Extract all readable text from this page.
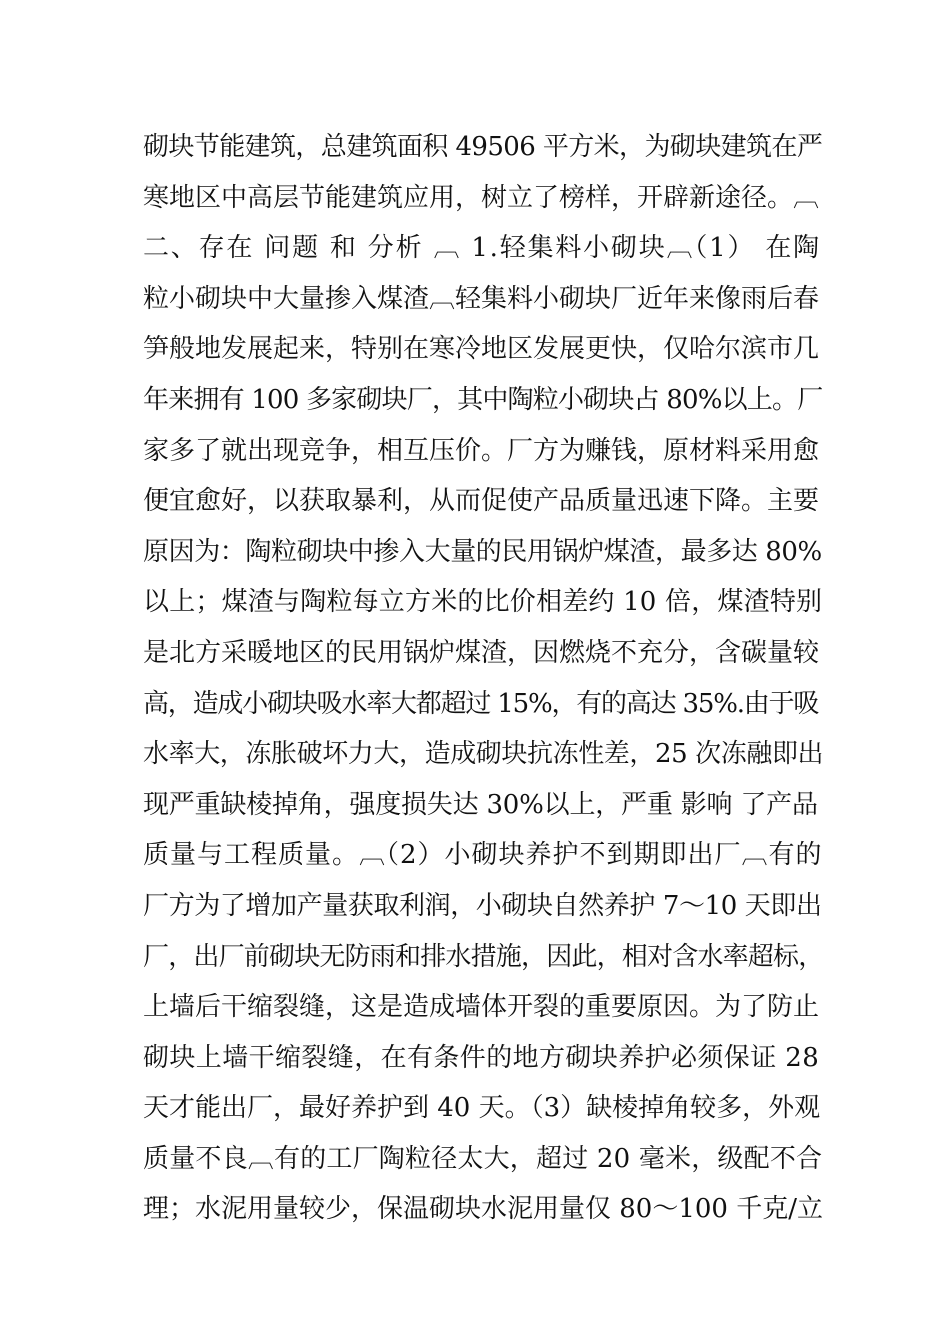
砌块节能建筑，总建筑面积 49506 平方米，为砌块建筑在严
寒地区中高层节能建筑应用，树立了榜样，开辟新途径。︹
二、存在 问题 和 分析 ︹ 1.轻集料小砌块︹（1） 在陶
粒小砌块中大量掺入煤渣︹轻集料小砌块厂近年来像雨后春
笋般地发展起来，特别在寒冷地区发展更快，仅哈尔滨市几
年来拥有 100 多家砌块厂，其中陶粒小砌块占 80%以上。厂
家多了就出现竞争，相互压价。厂方为赚钱，原材料采用愈
便宜愈好，以获取暴利，从而促使产品质量迅速下降。主要
原因为：陶粒砌块中掺入大量的民用锅炉煤渣，最多达 80%
以上；煤渣与陶粒每立方米的比价相差约 10 倍，煤渣特别
是北方采暖地区的民用锅炉煤渣，因燃烧不充分，含碳量较
高，造成小砌块吸水率大都超过 15%，有的高达 35%.由于吸
水率大，冻胀破坏力大，造成砌块抗冻性差，25 次冻融即出
现严重缺棱掉角，强度损失达 30%以上，严重 影响 了产品
质量与工程质量。︹（2）小砌块养护不到期即出厂︹有的
厂方为了增加产量获取利润，小砌块自然养护 7～10 天即出
厂，出厂前砌块无防雨和排水措施，因此，相对含水率超标，
上墙后干缩裂缝，这是造成墙体开裂的重要原因。为了防止
砌块上墙干缩裂缝，在有条件的地方砌块养护必须保证 28
天才能出厂，最好养护到 40 天。（3）缺棱掉角较多，外观
质量不良︹有的工厂陶粒径太大，超过 20 毫米，级配不合
理；水泥用量较少，保温砌块水泥用量仅 80～100 千克/立
